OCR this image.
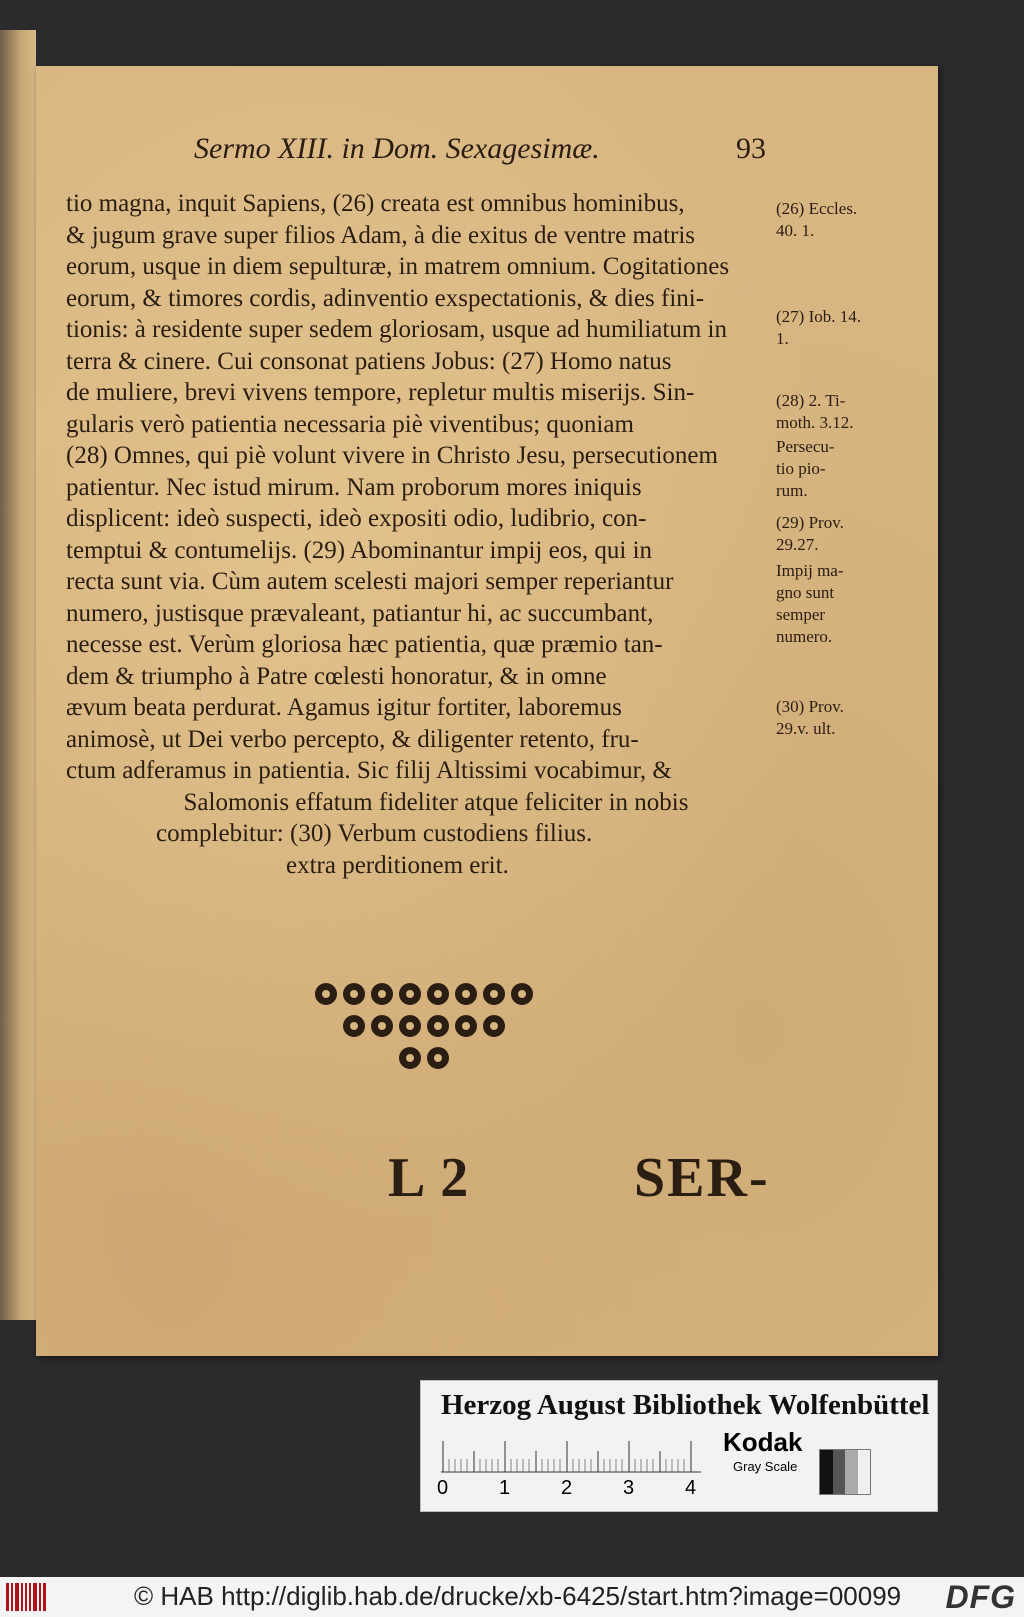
Sermo XIII. in Dom. Sexagesimæ.	93
tio magna, inquit Sapiens, (26) creata est omnibus hominibus,
& jugum grave super filios Adam, à die exitus de ventre matris
eorum, usque in diem sepulturæ, in matrem omnium. Cogitationes
eorum, & timores cordis, adinventio exspectationis, & dies fini-
tionis: à residente super sedem gloriosam, usque ad humiliatum in
terra & cinere. Cui consonat patiens Jobus: (27) Homo natus
de muliere, brevi vivens tempore, repletur multis miserijs. Sin-
gularis verò patientia necessaria piè viventibus; quoniam
(28) Omnes, qui piè volunt vivere in Christo Jesu, persecutionem
patientur. Nec istud mirum. Nam proborum mores iniquis
displicent: ideò suspecti, ideò expositi odio, ludibrio, con-
temptui & contumelijs. (29) Abominantur impij eos, qui in
recta sunt via. Cùm autem scelesti majori semper reperiantur
numero, justisque prævaleant, patiantur hi, ac succumbant,
necesse est. Verùm gloriosa hæc patientia, quæ præmio tan-
dem & triumpho à Patre cœlesti honoratur, & in omne
ævum beata perdurat. Agamus igitur fortiter, laboremus
animosè, ut Dei verbo percepto, & diligenter retento, fru-
ctum adferamus in patientia. Sic filij Altissimi vocabimur, &
Salomonis effatum fideliter atque feliciter in nobis
complebitur: (30) Verbum custodiens filius.
extra perditionem erit.
(26) Eccles.
40. 1.
(27) Iob. 14.
1.
(28) 2. Ti-
moth. 3.12.
Persecu-
tio pio-
rum.
(29) Prov.
29.27.
Impij ma-
gno sunt
semper
numero.
(30) Prov.
29.v. ult.
L 2	SER-
Herzog August Bibliothek Wolfenbüttel
0	1	2	3	4
Kodak
Gray Scale
© HAB http://diglib.hab.de/drucke/xb-6425/start.htm?image=00099 DFG
